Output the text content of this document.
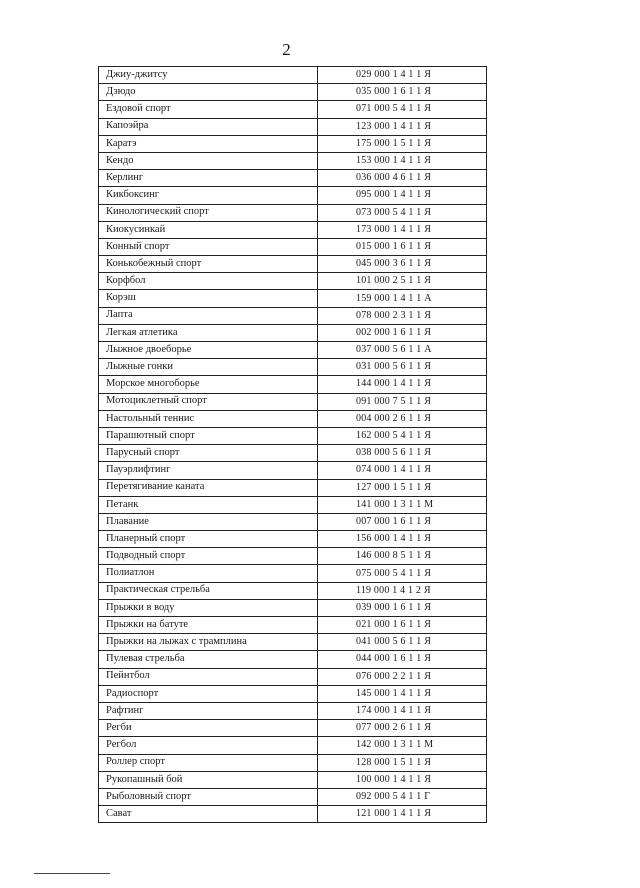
2
Джиу-джитсу	029 000 1 4 1 1 Я
Дзюдо	035 000 1 6 1 1 Я
Ездовой спорт	071 000 5 4 1 1 Я
Капоэйра	123 000 1 4 1 1 Я
Каратэ	175 000 1 5 1 1 Я
Кендо	153 000 1 4 1 1 Я
Керлинг	036 000 4 6 1 1 Я
Кикбоксинг	095 000 1 4 1 1 Я
Кинологический спорт	073 000 5 4 1 1 Я
Киокусинкай	173 000 1 4 1 1 Я
Конный спорт	015 000 1 6 1 1 Я
Конькобежный спорт	045 000 3 6 1 1 Я
Корфбол	101 000 2 5 1 1 Я
Корэш	159 000 1 4 1 1 А
Лапта	078 000 2 3 1 1 Я
Легкая атлетика	002 000 1 6 1 1 Я
Лыжное двоеборье	037 000 5 6 1 1 А
Лыжные гонки	031 000 5 6 1 1 Я
Морское многоборье	144 000 1 4 1 1 Я
Мотоциклетный спорт	091 000 7 5 1 1 Я
Настольный теннис	004 000 2 6 1 1 Я
Парашютный спорт	162 000 5 4 1 1 Я
Парусный спорт	038 000 5 6 1 1 Я
Пауэрлифтинг	074 000 1 4 1 1 Я
Перетягивание каната	127 000 1 5 1 1 Я
Петанк	141 000 1 3 1 1 М
Плавание	007 000 1 6 1 1 Я
Планерный спорт	156 000 1 4 1 1 Я
Подводный спорт	146 000 8 5 1 1 Я
Полиатлон	075 000 5 4 1 1 Я
Практическая стрельба	119 000 1 4 1 2 Я
Прыжки в воду	039 000 1 6 1 1 Я
Прыжки на батуте	021 000 1 6 1 1 Я
Прыжки на лыжах с трамплина	041 000 5 6 1 1 Я
Пулевая стрельба	044 000 1 6 1 1 Я
Пейнтбол	076 000 2 2 1 1 Я
Радиоспорт	145 000 1 4 1 1 Я
Рафтинг	174 000 1 4 1 1 Я
Регби	077 000 2 6 1 1 Я
Регбол	142 000 1 3 1 1 М
Роллер спорт	128 000 1 5 1 1 Я
Рукопашный бой	100 000 1 4 1 1 Я
Рыболовный спорт	092 000 5 4 1 1 Г
Сават	121 000 1 4 1 1 Я
